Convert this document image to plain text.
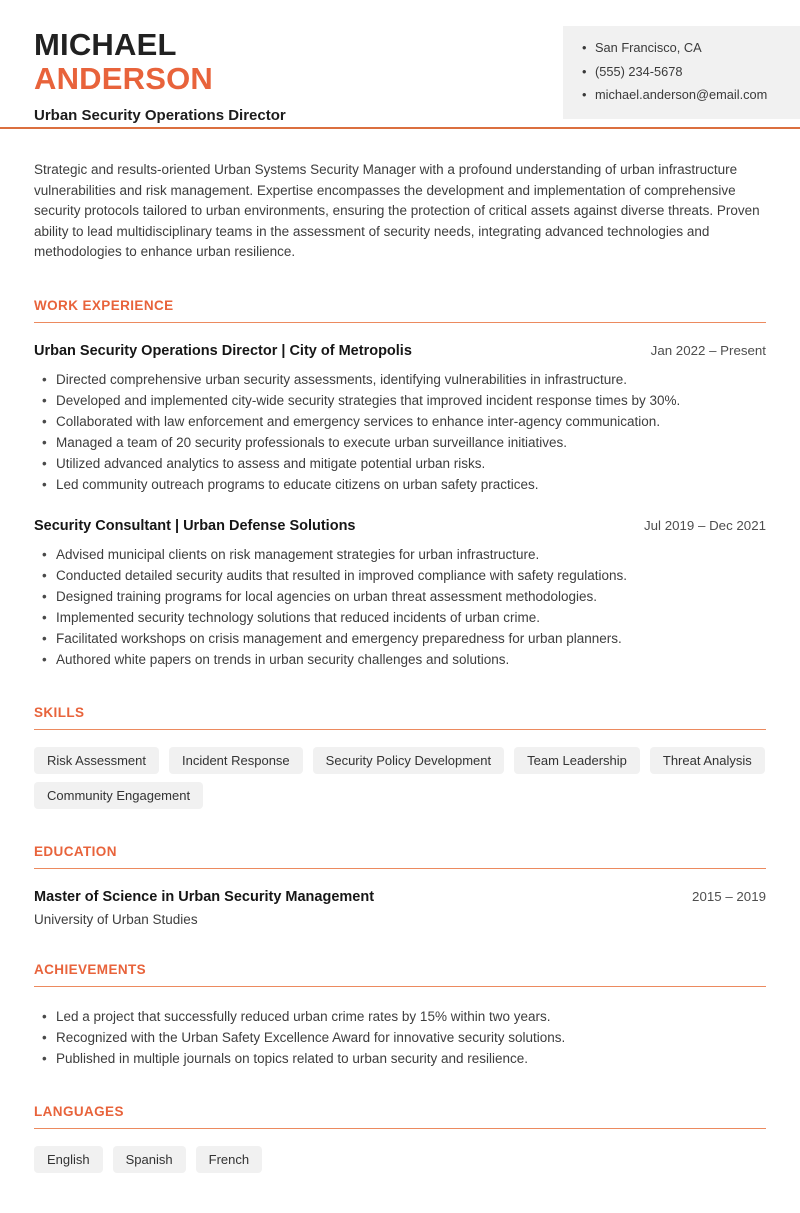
MICHAEL
ANDERSON
Urban Security Operations Director
• San Francisco, CA
• (555) 234-5678
• michael.anderson@email.com

Strategic and results-oriented Urban Systems Security Manager with a profound understanding of urban infrastructure vulnerabilities and risk management. Expertise encompasses the development and implementation of comprehensive security protocols tailored to urban environments, ensuring the protection of critical assets against diverse threats. Proven ability to lead multidisciplinary teams in the assessment of security needs, integrating advanced technologies and methodologies to enhance urban resilience.

WORK EXPERIENCE
Urban Security Operations Director | City of Metropolis	Jan 2022 – Present
• Directed comprehensive urban security assessments, identifying vulnerabilities in infrastructure.
• Developed and implemented city-wide security strategies that improved incident response times by 30%.
• Collaborated with law enforcement and emergency services to enhance inter-agency communication.
• Managed a team of 20 security professionals to execute urban surveillance initiatives.
• Utilized advanced analytics to assess and mitigate potential urban risks.
• Led community outreach programs to educate citizens on urban safety practices.
Security Consultant | Urban Defense Solutions	Jul 2019 – Dec 2021
• Advised municipal clients on risk management strategies for urban infrastructure.
• Conducted detailed security audits that resulted in improved compliance with safety regulations.
• Designed training programs for local agencies on urban threat assessment methodologies.
• Implemented security technology solutions that reduced incidents of urban crime.
• Facilitated workshops on crisis management and emergency preparedness for urban planners.
• Authored white papers on trends in urban security challenges and solutions.
SKILLS
Risk Assessment	Incident Response	Security Policy Development	Team Leadership	Threat Analysis
Community Engagement
EDUCATION
Master of Science in Urban Security Management	2015 – 2019
University of Urban Studies
ACHIEVEMENTS
• Led a project that successfully reduced urban crime rates by 15% within two years.
• Recognized with the Urban Safety Excellence Award for innovative security solutions.
• Published in multiple journals on topics related to urban security and resilience.
LANGUAGES
English	Spanish	French
